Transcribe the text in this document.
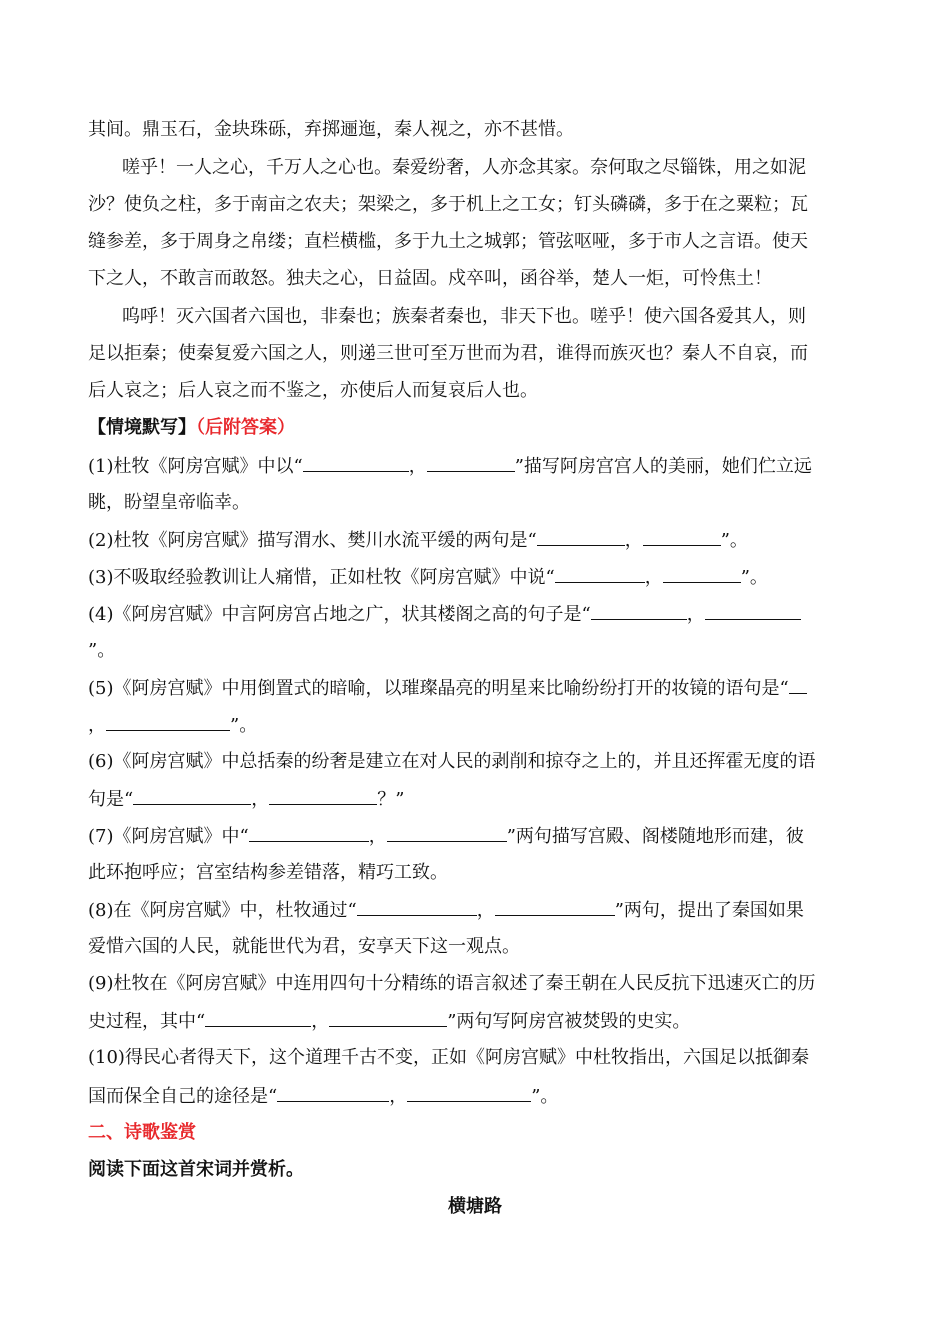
其间。鼎玉石，金块珠砾，弃掷逦迤，秦人视之，亦不甚惜。

嗟乎！一人之心，千万人之心也。秦爱纷奢，人亦念其家。奈何取之尽锱铢，用之如泥

沙？使负之柱，多于南亩之农夫；架梁之，多于机上之工女；钉头磷磷，多于在之粟粒；瓦

缝参差，多于周身之帛缕；直栏横槛，多于九土之城郭；管弦呕哑，多于市人之言语。使天

下之人，不敢言而敢怒。独夫之心，日益固。戍卒叫，函谷举，楚人一炬，可怜焦土！

呜呼！灭六国者六国也，非秦也；族秦者秦也，非天下也。嗟乎！使六国各爱其人，则

足以拒秦；使秦复爱六国之人，则递三世可至万世而为君，谁得而族灭也？秦人不自哀，而

后人哀之；后人哀之而不鉴之，亦使后人而复哀后人也。

【情境默写】（后附答案）

(1)杜牧《阿房宫赋》中以“	，	”描写阿房宫宫人的美丽，她们伫立远

眺，盼望皇帝临幸。

(2)杜牧《阿房宫赋》描写渭水、樊川水流平缓的两句是“	，	”。

(3)不吸取经验教训让人痛惜，正如杜牧《阿房宫赋》中说“	，	”。

(4)《阿房宫赋》中言阿房宫占地之广，状其楼阁之高的句子是“	，

”。

(5)《阿房宫赋》中用倒置式的暗喻，以璀璨晶亮的明星来比喻纷纷打开的妆镜的语句是“

，	”。

(6)《阿房宫赋》中总括秦的纷奢是建立在对人民的剥削和掠夺之上的，并且还挥霍无度的语

句是“	，	？”

(7)《阿房宫赋》中“	，	”两句描写宫殿、阁楼随地形而建，彼

此环抱呼应；宫室结构参差错落，精巧工致。

(8)在《阿房宫赋》中，杜牧通过“	，	”两句，提出了秦国如果

爱惜六国的人民，就能世代为君，安享天下这一观点。

(9)杜牧在《阿房宫赋》中连用四句十分精练的语言叙述了秦王朝在人民反抗下迅速灭亡的历

史过程，其中“	，	”两句写阿房宫被焚毁的史实。

(10)得民心者得天下，这个道理千古不变，正如《阿房宫赋》中杜牧指出，六国足以抵御秦

国而保全自己的途径是“	，	”。

二、诗歌鉴赏

阅读下面这首宋词并赏析。

横塘路
